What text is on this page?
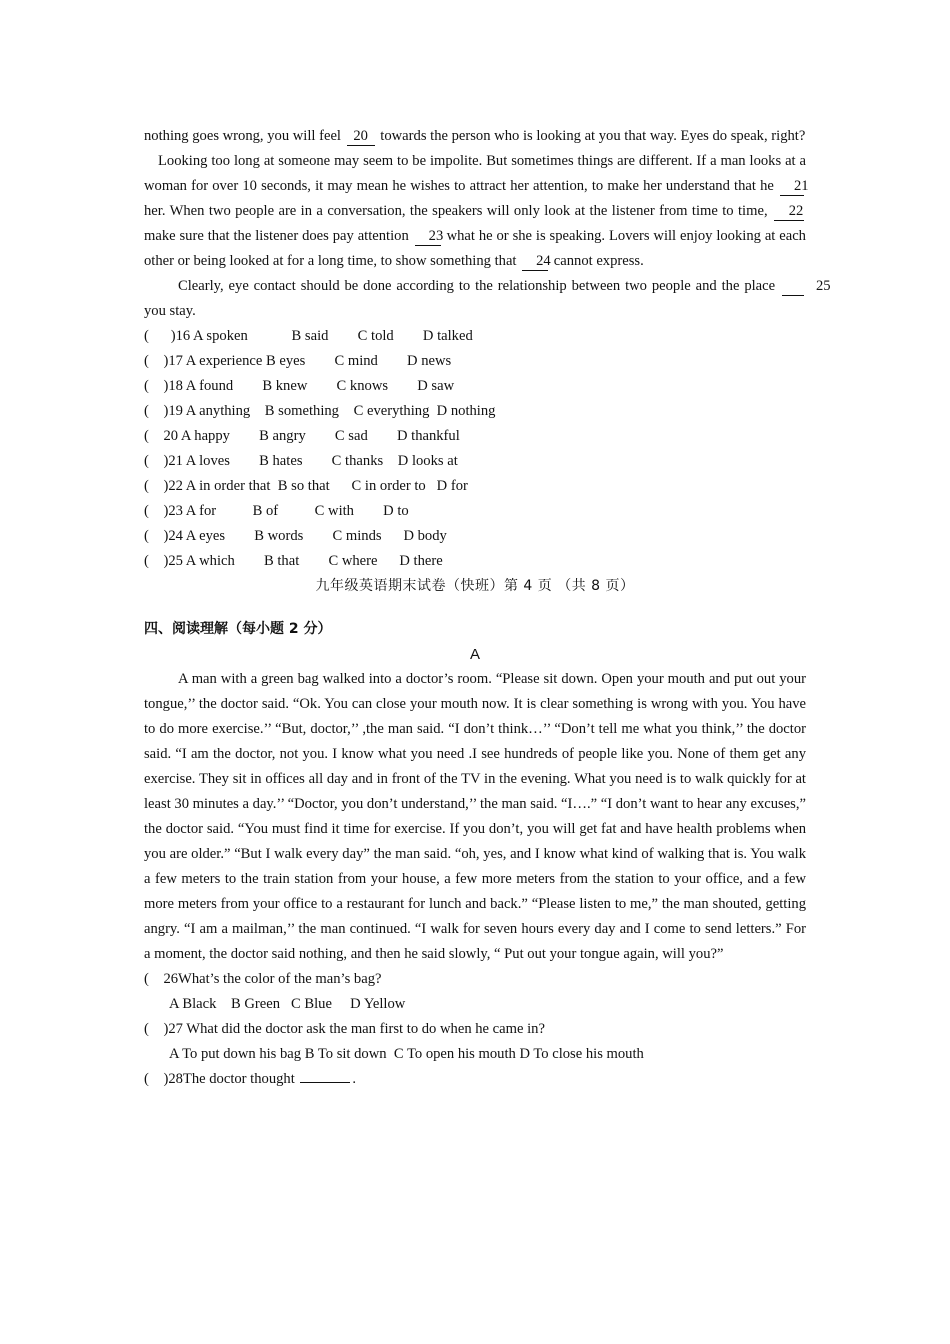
nothing goes wrong, you will feel 20 towards the person who is looking at you that way. Eyes do speak, right?

Looking too long at someone may seem to be impolite. But sometimes things are different. If a man looks at a woman for over 10 seconds, it may mean he wishes to attract her attention, to make her understand that he 21her. When two people are in a conversation, the speakers will only look at the listener from time to time, 22 make sure that the listener does pay attention 23 what he or she is speaking. Lovers will enjoy looking at each other or being looked at for a long time, to show something that 24 cannot express.

Clearly, eye contact should be done according to the relationship between two people and the place 25 you stay.

(      )16 A spoken            B said        C told        D talked

(    )17 A experience B eyes        C mind        D news

(    )18 A found        B knew        C knows        D saw

(    )19 A anything    B something    C everything  D nothing

(    20 A happy        B angry        C sad        D thankful

(    )21 A loves        B hates        C thanks    D looks at

(    )22 A in order that  B so that      C in order to   D for

(    )23 A for          B of          C with        D to

(    )24 A eyes        B words        C minds      D body

(    )25 A which        B that        C where      D there

九年级英语期末试卷（快班）第 4 页 （共 8 页）

四、阅读理解（每小题 2 分）

A

A man with a green bag walked into a doctor’s room. “Please sit down. Open your mouth and put out your tongue,’’ the doctor said. “Ok. You can close your mouth now. It is clear something is wrong with you. You have to do more exercise.’’ “But, doctor,’’ ,the man said. “I don’t think…’’ “Don’t tell me what you think,’’ the doctor said. “I am the doctor, not you. I know what you need .I see hundreds of people like you. None of them get any exercise. They sit in offices all day and in front of the TV in the evening. What you need is to walk quickly for at least 30 minutes a day.’’ “Doctor, you don’t understand,’’ the man said. “I….” “I don’t want to hear any excuses,” the doctor said. “You must find it time for exercise. If you don’t, you will get fat and have health problems when you are older.” “But I walk every day” the man said. “oh, yes, and I know what kind of walking that is. You walk a few meters to the train station from your house, a few more meters from the station to your office, and a few more meters from your office to a restaurant for lunch and back.” “Please listen to me,” the man shouted, getting angry. “I am a mailman,’’ the man continued. “I walk for seven hours every day and I come to send letters.” For a moment, the doctor said nothing, and then he said slowly, “ Put out your tongue again, will you?”

(    26What’s the color of the man’s bag?

A Black    B Green   C Blue     D Yellow

(    )27 What did the doctor ask the man first to do when he came in?

A To put down his bag B To sit down  C To open his mouth D To close his mouth

(    )28The doctor thought	.
